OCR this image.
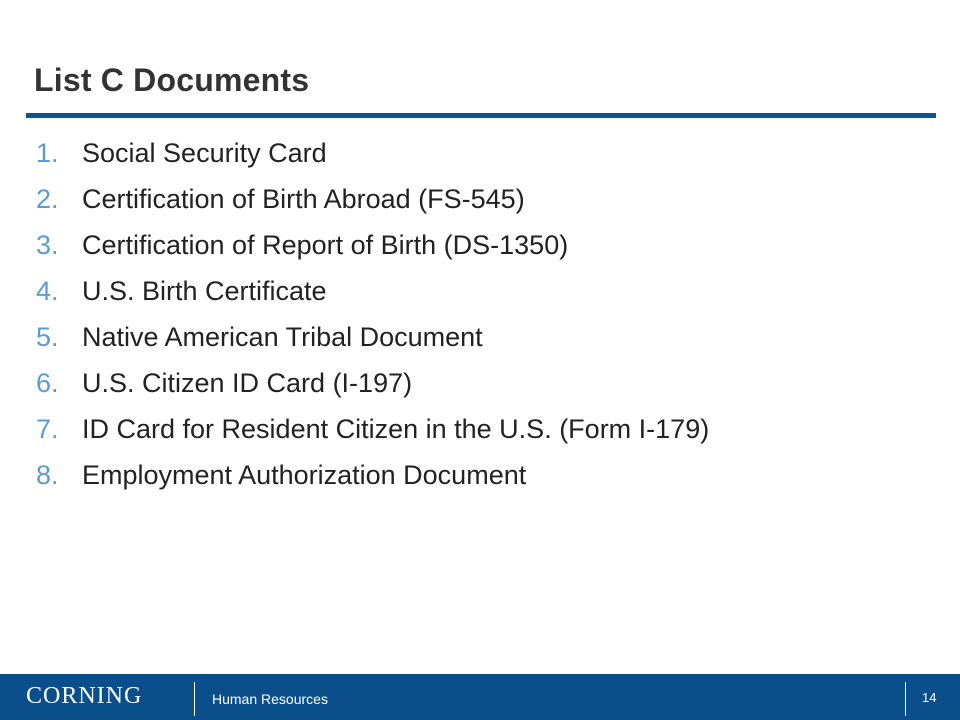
List C Documents
1. Social Security Card
2. Certification of Birth Abroad (FS-545)
3. Certification of Report of Birth (DS-1350)
4. U.S. Birth Certificate
5. Native American Tribal Document
6. U.S. Citizen ID Card (I-197)
7. ID Card for Resident Citizen in the U.S. (Form I-179)
8. Employment Authorization Document
CORNING	Human Resources	14
